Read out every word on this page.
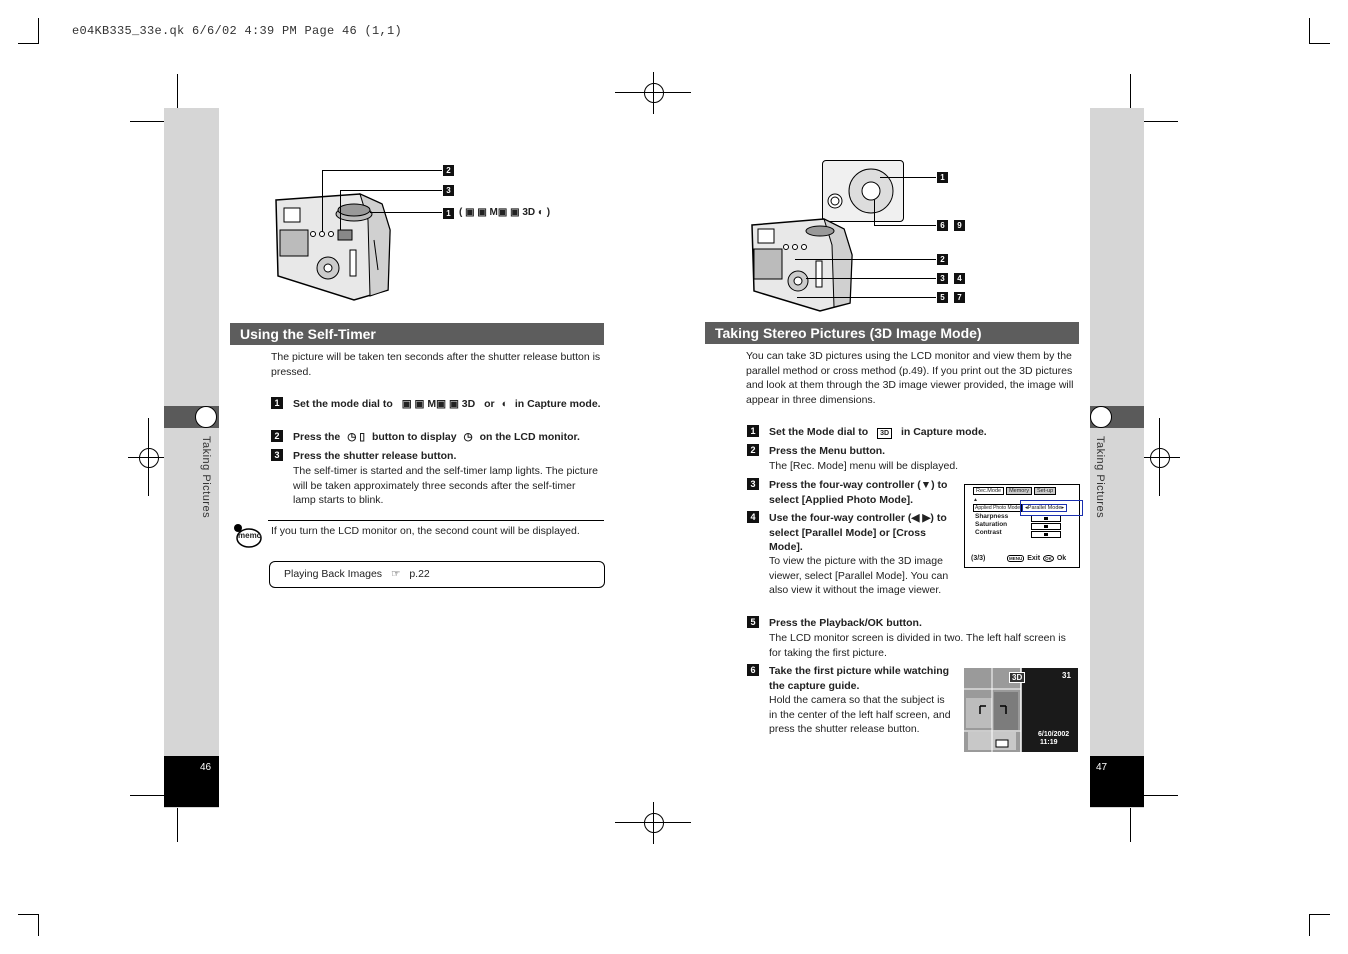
e04KB335_33e.qk 6/6/02 4:39 PM Page 46 (1,1)
Taking Pictures
46
Taking Pictures
47
2
3
1 ( ▣ ▣ M▣ ▣ 3D ◐ )
Using the Self-Timer
The picture will be taken ten seconds after the shutter release button is pressed.
1	Set the mode dial to ▣ ▣ M▣ ▣ 3D or ◐ in Capture mode.
2	Press the ◷ ▯ button to display ◷ on the LCD monitor.
3	Press the shutter release button.
The self-timer is started and the self-timer lamp lights. The picture will be taken approximately three seconds after the self-timer lamp starts to blink.
memo If you turn the LCD monitor on, the second count will be displayed.
Playing Back Images ☞ p.22
1
6	9
2
3	4
5	7
Taking Stereo Pictures (3D Image Mode)
You can take 3D pictures using the LCD monitor and view them by the parallel method or cross method (p.49). If you print out the 3D pictures and look at them through the 3D image viewer provided, the image will appear in three dimensions.
1	Set the Mode dial to 3D in Capture mode.
2	Press the Menu button.
The [Rec. Mode] menu will be displayed.
3	Press the four-way controller (▼) to select [Applied Photo Mode].
4	Use the four-way controller (◀ ▶) to select [Parallel Mode] or [Cross Mode].
To view the picture with the 3D image viewer, select [Parallel Mode]. You can also view it without the image viewer.
Rec.Mode	Memory	Set-up
▲
Applied Photo Mode ◂Parallel Mode▸
Sharpness
Saturation
Contrast
(3/3)	MENU Exit	OK Ok
5	Press the Playback/OK button.
The LCD monitor screen is divided in two. The left half screen is for taking the first picture.
6	Take the first picture while watching the capture guide.
Hold the camera so that the subject is in the center of the left half screen, and press the shutter release button.
3D	31
6/10/2002
11:19
